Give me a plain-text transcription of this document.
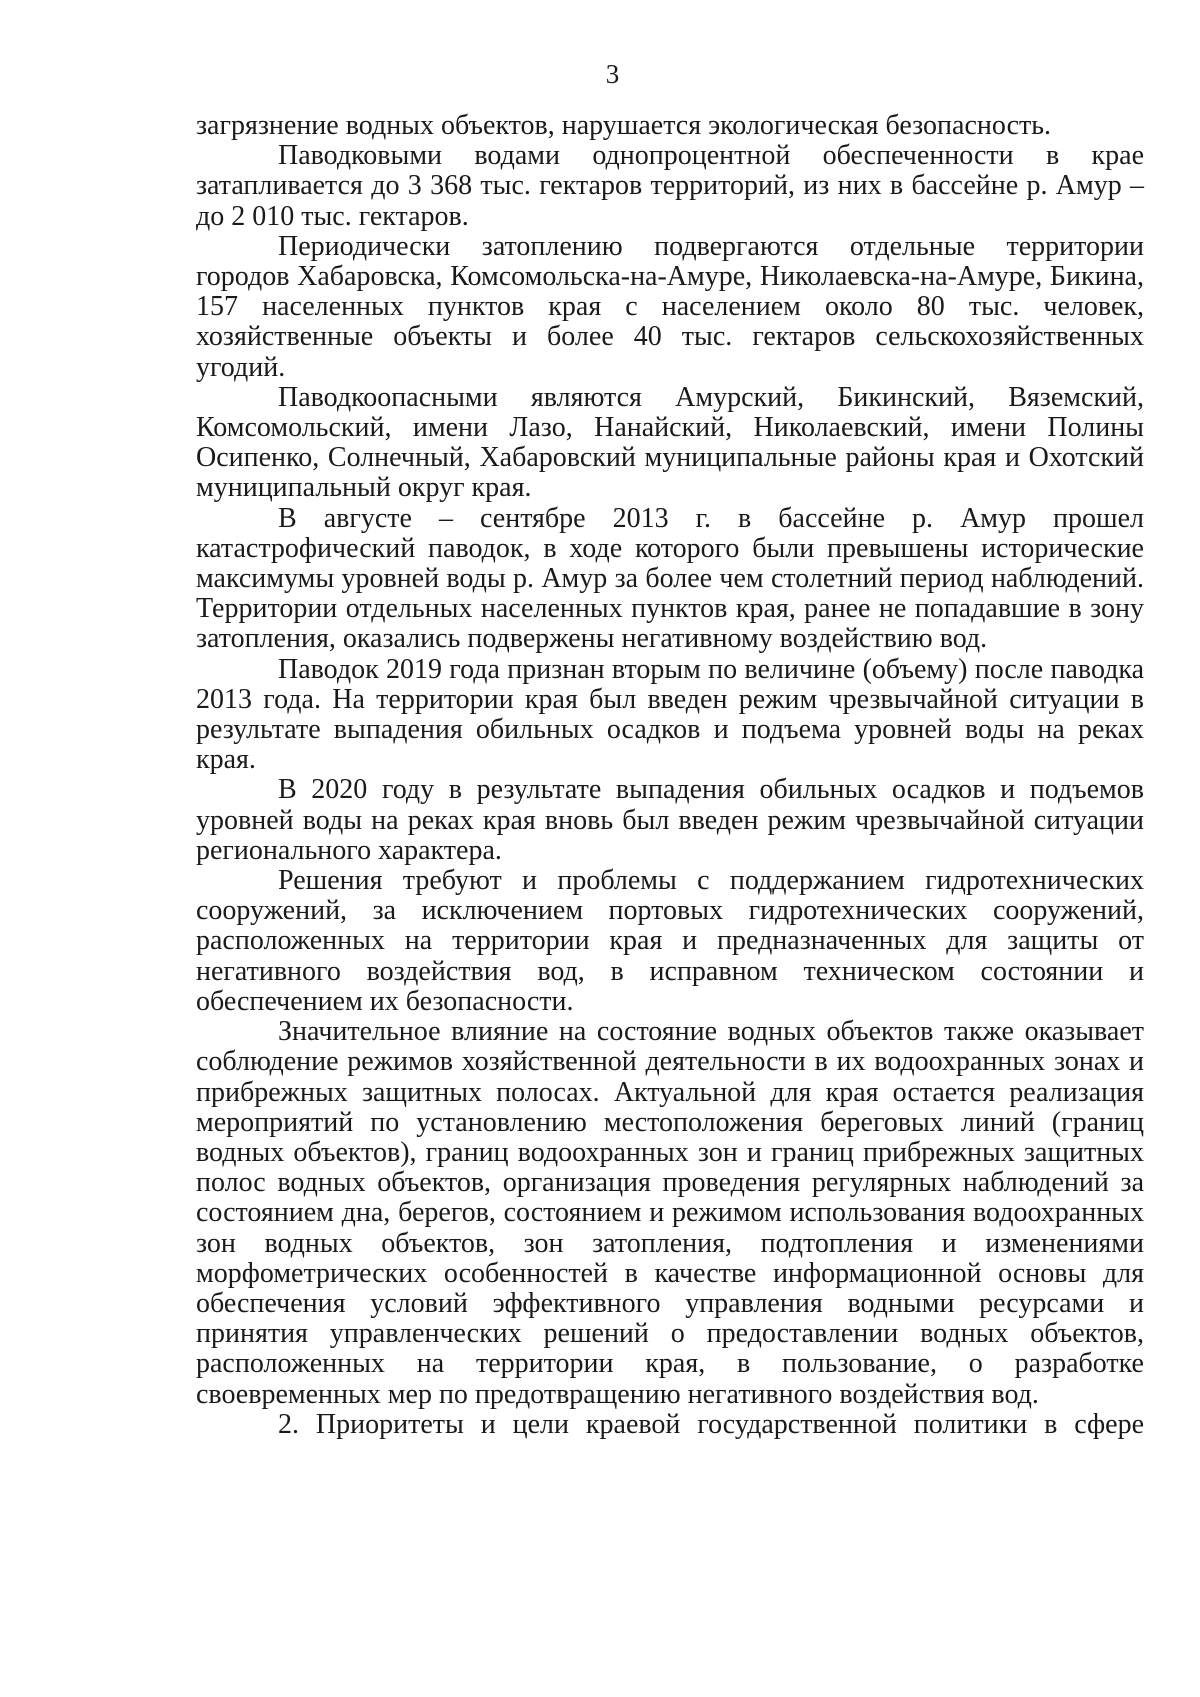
3

загрязнение водных объектов, нарушается экологическая безопасность.

Паводковыми водами однопроцентной обеспеченности в крае затапливается до 3 368 тыс. гектаров территорий, из них в бассейне р. Амур – до 2 010 тыс. гектаров.

Периодически затоплению подвергаются отдельные территории городов Хабаровска, Комсомольска-на-Амуре, Николаевска-на-Амуре, Бикина, 157 населенных пунктов края с населением около 80 тыс. человек, хозяйственные объекты и более 40 тыс. гектаров сельскохозяйственных угодий.

Паводкоопасными являются Амурский, Бикинский, Вяземский, Комсомольский, имени Лазо, Нанайский, Николаевский, имени Полины Осипенко, Солнечный, Хабаровский муниципальные районы края и Охотский муниципальный округ края.

В августе – сентябре 2013 г. в бассейне р. Амур прошел катастрофический паводок, в ходе которого были превышены исторические максимумы уровней воды р. Амур за более чем столетний период наблюдений. Территории отдельных населенных пунктов края, ранее не попадавшие в зону затопления, оказались подвержены негативному воздействию вод.

Паводок 2019 года признан вторым по величине (объему) после паводка 2013 года. На территории края был введен режим чрезвычайной ситуации в результате выпадения обильных осадков и подъема уровней воды на реках края.

В 2020 году в результате выпадения обильных осадков и подъемов уровней воды на реках края вновь был введен режим чрезвычайной ситуации регионального характера.

Решения требуют и проблемы с поддержанием гидротехнических сооружений, за исключением портовых гидротехнических сооружений, расположенных на территории края и предназначенных для защиты от негативного воздействия вод, в исправном техническом состоянии и обеспечением их безопасности.

Значительное влияние на состояние водных объектов также оказывает соблюдение режимов хозяйственной деятельности в их водоохранных зонах и прибрежных защитных полосах. Актуальной для края остается реализация мероприятий по установлению местоположения береговых линий (границ водных объектов), границ водоохранных зон и границ прибрежных защитных полос водных объектов, организация проведения регулярных наблюдений за состоянием дна, берегов, состоянием и режимом использования водоохранных зон водных объектов, зон затопления, подтопления и изменениями морфометрических особенностей в качестве информационной основы для обеспечения условий эффективного управления водными ресурсами и принятия управленческих решений о предоставлении водных объектов, расположенных на территории края, в пользование, о разработке своевременных мер по предотвращению негативного воздействия вод.

2. Приоритеты и цели краевой государственной политики в сфере
